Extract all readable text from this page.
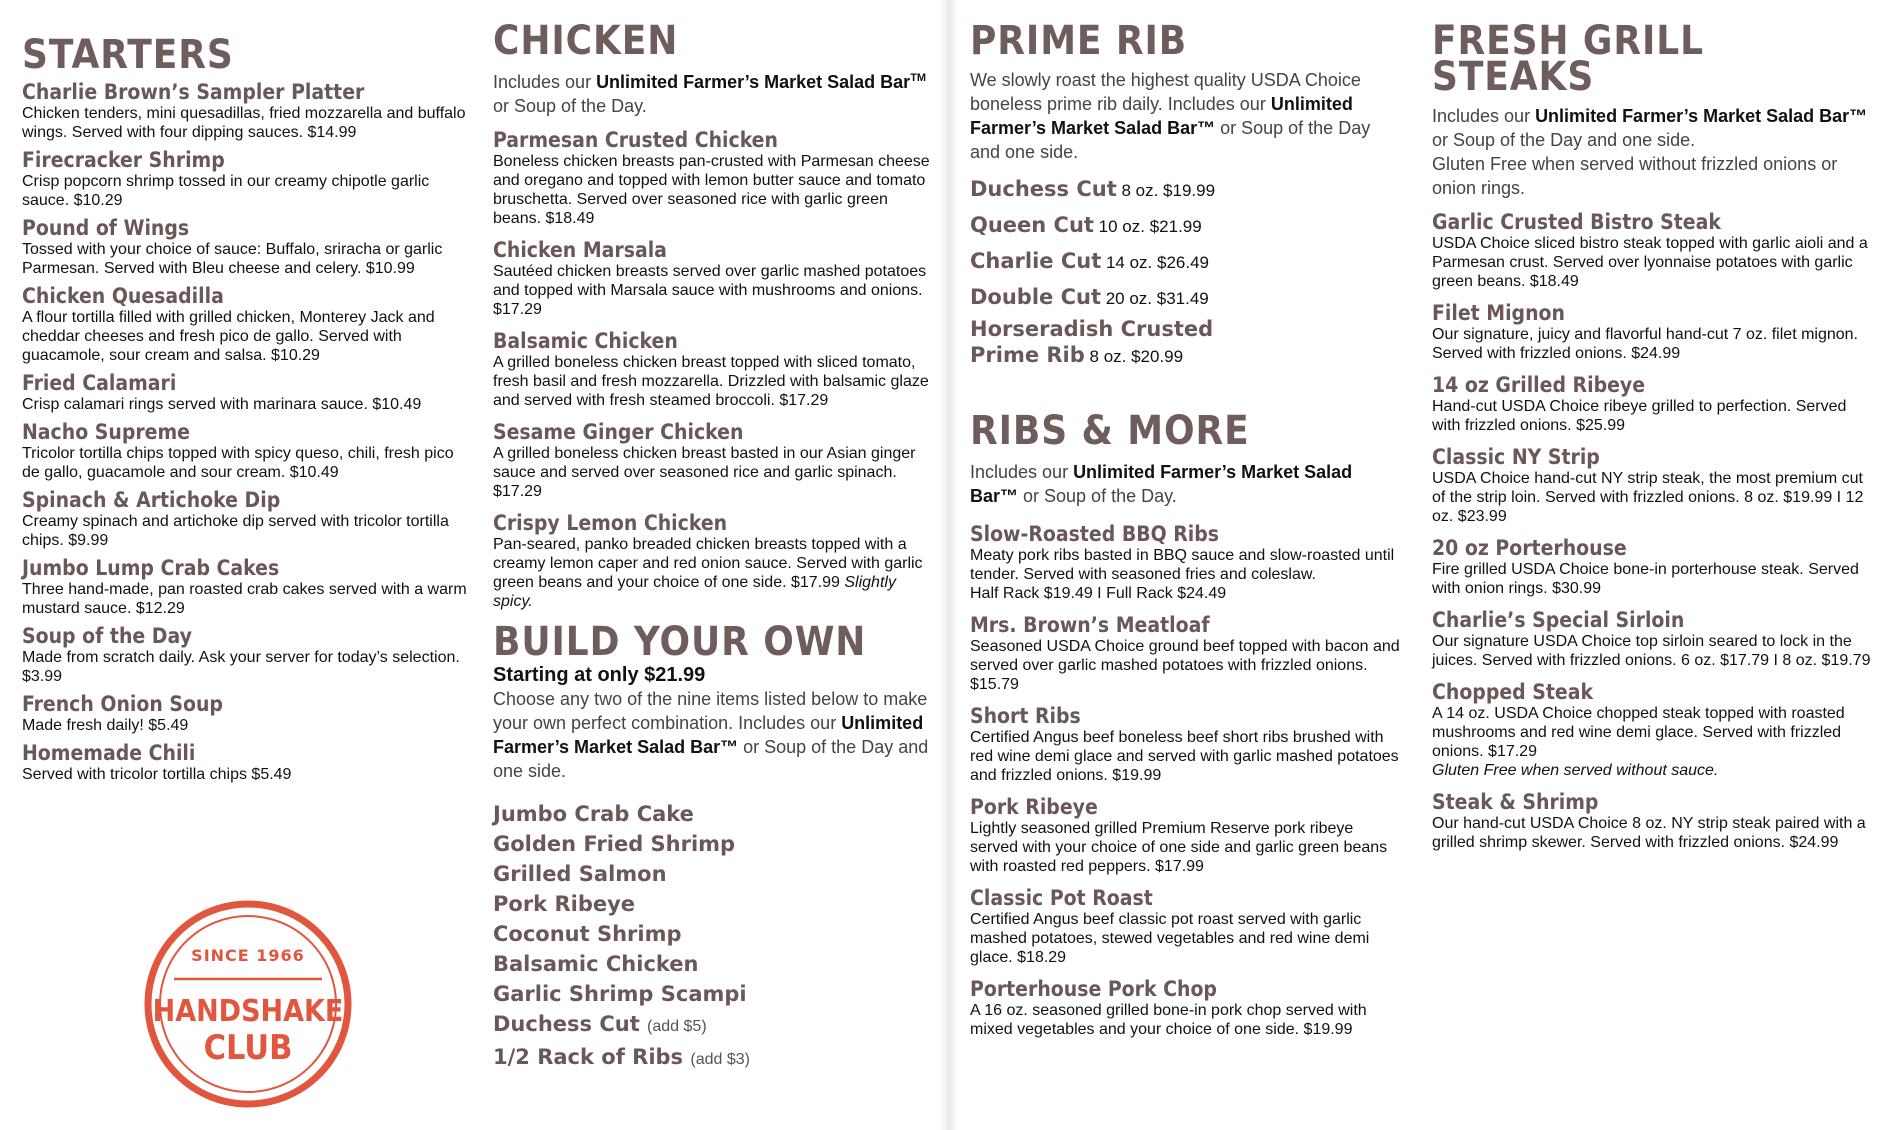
STARTERS
Charlie Brown’s Sampler Platter
Chicken tenders, mini quesadillas, fried mozzarella and buffalo wings. Served with four dipping sauces. $14.99
Firecracker Shrimp
Crisp popcorn shrimp tossed in our creamy chipotle garlic sauce. $10.29
Pound of Wings
Tossed with your choice of sauce: Buffalo, sriracha or garlic Parmesan. Served with Bleu cheese and celery. $10.99
Chicken Quesadilla
A flour tortilla filled with grilled chicken, Monterey Jack and cheddar cheeses and fresh pico de gallo. Served with guacamole, sour cream and salsa. $10.29
Fried Calamari
Crisp calamari rings served with marinara sauce. $10.49
Nacho Supreme
Tricolor tortilla chips topped with spicy queso, chili, fresh pico de gallo, guacamole and sour cream. $10.49
Spinach & Artichoke Dip
Creamy spinach and artichoke dip served with tricolor tortilla chips. $9.99
Jumbo Lump Crab Cakes
Three hand-made, pan roasted crab cakes served with a warm mustard sauce. $12.29
Soup of the Day
Made from scratch daily. Ask your server for today’s selection. $3.99
French Onion Soup
Made fresh daily! $5.49
Homemade Chili
Served with tricolor tortilla chips $5.49
SINCE 1966
HANDSHAKE
CLUB
CHICKEN

Includes our Unlimited Farmer’s Market Salad Bar™ or Soup of the Day.

Parmesan Crusted Chicken
Boneless chicken breasts pan-crusted with Parmesan cheese and oregano and topped with lemon butter sauce and tomato bruschetta. Served over seasoned rice with garlic green beans. $18.49
Chicken Marsala
Sautéed chicken breasts served over garlic mashed potatoes and topped with Marsala sauce with mushrooms and onions. $17.29
Balsamic Chicken
A grilled boneless chicken breast topped with sliced tomato, fresh basil and fresh mozzarella. Drizzled with balsamic glaze and served with fresh steamed broccoli. $17.29
Sesame Ginger Chicken
A grilled boneless chicken breast basted in our Asian ginger sauce and served over seasoned rice and garlic spinach. $17.29
Crispy Lemon Chicken
Pan-seared, panko breaded chicken breasts topped with a creamy lemon caper and red onion sauce. Served with garlic green beans and your choice of one side. $17.99 Slightly spicy.
BUILD YOUR OWN
Starting at only $21.99

Choose any two of the nine items listed below to make your own perfect combination. Includes our Unlimited Farmer’s Market Salad Bar™ or Soup of the Day and one side.

Jumbo Crab Cake
Golden Fried Shrimp
Grilled Salmon
Pork Ribeye
Coconut Shrimp
Balsamic Chicken
Garlic Shrimp Scampi
Duchess Cut (add $5)
1/2 Rack of Ribs (add $3)
PRIME RIB

We slowly roast the highest quality USDA Choice boneless prime rib daily. Includes our Unlimited Farmer’s Market Salad Bar™ or Soup of the Day and one side.

Duchess Cut 8 oz. $19.99
Queen Cut 10 oz. $21.99
Charlie Cut 14 oz. $26.49
Double Cut 20 oz. $31.49
Horseradish Crusted
Prime Rib 8 oz. $20.99
RIBS & MORE

Includes our Unlimited Farmer’s Market Salad Bar™ or Soup of the Day.

Slow-Roasted BBQ Ribs
Meaty pork ribs basted in BBQ sauce and slow-roasted until tender. Served with seasoned fries and coleslaw.
Half Rack $19.49 I Full Rack $24.49
Mrs. Brown’s Meatloaf
Seasoned USDA Choice ground beef topped with bacon and served over garlic mashed potatoes with frizzled onions. $15.79
Short Ribs
Certified Angus beef boneless beef short ribs brushed with red wine demi glace and served with garlic mashed potatoes and frizzled onions. $19.99
Pork Ribeye
Lightly seasoned grilled Premium Reserve pork ribeye served with your choice of one side and garlic green beans with roasted red peppers. $17.99
Classic Pot Roast
Certified Angus beef classic pot roast served with garlic mashed potatoes, stewed vegetables and red wine demi glace. $18.29
Porterhouse Pork Chop
A 16 oz. seasoned grilled bone-in pork chop served with mixed vegetables and your choice of one side. $19.99
FRESH GRILL
STEAKS

Includes our Unlimited Farmer’s Market Salad Bar™ or Soup of the Day and one side.

Gluten Free when served without frizzled onions or onion rings.

Garlic Crusted Bistro Steak
USDA Choice sliced bistro steak topped with garlic aioli and a Parmesan crust. Served over lyonnaise potatoes with garlic green beans. $18.49
Filet Mignon
Our signature, juicy and flavorful hand-cut 7 oz. filet mignon. Served with frizzled onions. $24.99
14 oz Grilled Ribeye
Hand-cut USDA Choice ribeye grilled to perfection. Served with frizzled onions. $25.99
Classic NY Strip
USDA Choice hand-cut NY strip steak, the most premium cut of the strip loin. Served with frizzled onions. 8 oz. $19.99 I 12 oz. $23.99
20 oz Porterhouse
Fire grilled USDA Choice bone-in porterhouse steak. Served with onion rings. $30.99
Charlie’s Special Sirloin
Our signature USDA Choice top sirloin seared to lock in the juices. Served with frizzled onions. 6 oz. $17.79 I 8 oz. $19.79
Chopped Steak
A 14 oz. USDA Choice chopped steak topped with roasted mushrooms and red wine demi glace. Served with frizzled onions. $17.29
Gluten Free when served without sauce.
Steak & Shrimp
Our hand-cut USDA Choice 8 oz. NY strip steak paired with a grilled shrimp skewer. Served with frizzled onions. $24.99
